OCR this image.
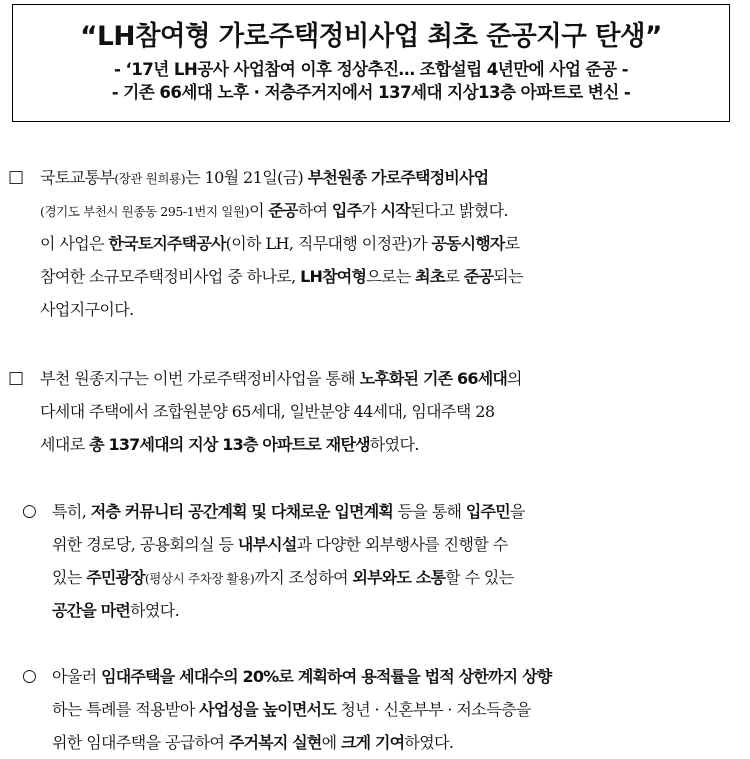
“LH참여형 가로주택정비사업 최초 준공지구 탄생”
- ‘17년 LH공사 사업참여 이후 정상추진… 조합설립 4년만에 사업 준공 -
- 기존 66세대 노후 · 저층주거지에서 137세대 지상13층 아파트로 변신 -
□ 국토교통부(장관 원희룡)는 10월 21일(금) 부천원종 가로주택정비사업
(경기도 부천시 원종동 295-1번지 일원)이 준공하여 입주가 시작된다고 밝혔다.
이 사업은 한국토지주택공사(이하 LH, 직무대행 이정관)가 공동시행자로
참여한 소규모주택정비사업 중 하나로, LH참여형으로는 최초로 준공되는
사업지구이다.
□ 부천 원종지구는 이번 가로주택정비사업을 통해 노후화된 기존 66세대의
다세대 주택에서 조합원분양 65세대, 일반분양 44세대, 임대주택 28
세대로 총 137세대의 지상 13층 아파트로 재탄생하였다.
○ 특히, 저층 커뮤니티 공간계획 및 다채로운 입면계획 등을 통해 입주민을
위한 경로당, 공용회의실 등 내부시설과 다양한 외부행사를 진행할 수
있는 주민광장(평상시 주차장 활용)까지 조성하여 외부와도 소통할 수 있는
공간을 마련하였다.
○ 아울러 임대주택을 세대수의 20%로 계획하여 용적률을 법적 상한까지 상향
하는 특례를 적용받아 사업성을 높이면서도 청년 · 신혼부부 · 저소득층을
위한 임대주택을 공급하여 주거복지 실현에 크게 기여하였다.
